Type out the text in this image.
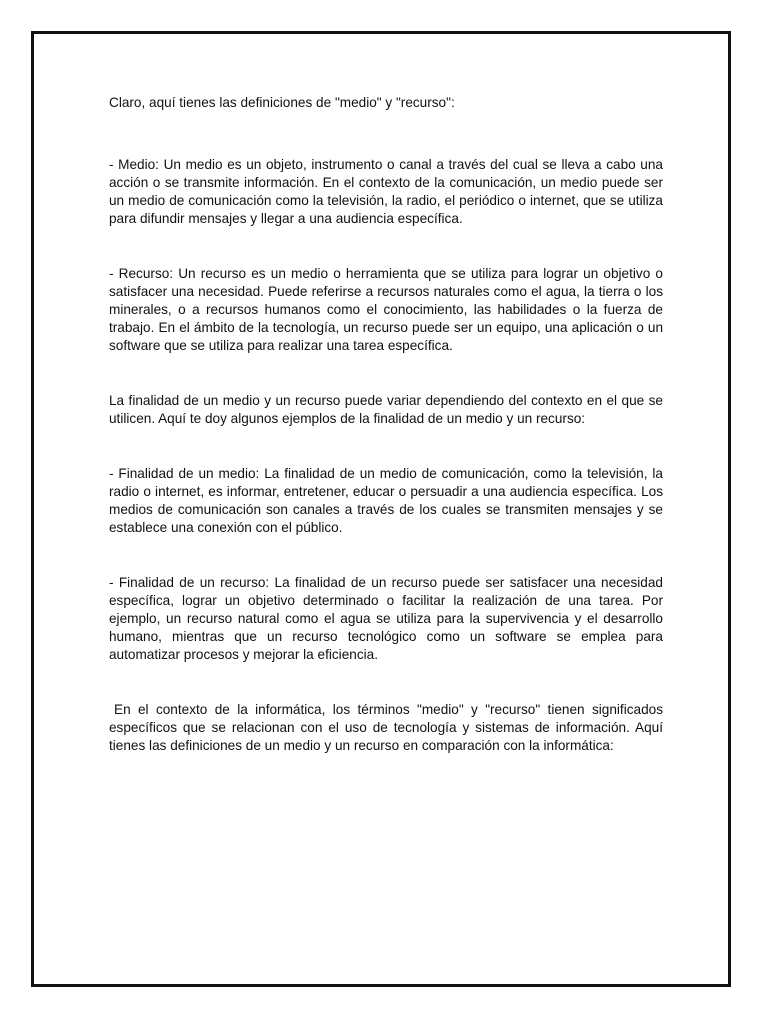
Claro, aquí tienes las definiciones de "medio" y "recurso":

- Medio: Un medio es un objeto, instrumento o canal a través del cual se lleva a cabo una acción o se transmite información. En el contexto de la comunicación, un medio puede ser un medio de comunicación como la televisión, la radio, el periódico o internet, que se utiliza para difundir mensajes y llegar a una audiencia específica.

- Recurso: Un recurso es un medio o herramienta que se utiliza para lograr un objetivo o satisfacer una necesidad. Puede referirse a recursos naturales como el agua, la tierra o los minerales, o a recursos humanos como el conocimiento, las habilidades o la fuerza de trabajo. En el ámbito de la tecnología, un recurso puede ser un equipo, una aplicación o un software que se utiliza para realizar una tarea específica.

La finalidad de un medio y un recurso puede variar dependiendo del contexto en el que se utilicen. Aquí te doy algunos ejemplos de la finalidad de un medio y un recurso:

- Finalidad de un medio: La finalidad de un medio de comunicación, como la televisión, la radio o internet, es informar, entretener, educar o persuadir a una audiencia específica. Los medios de comunicación son canales a través de los cuales se transmiten mensajes y se establece una conexión con el público.

- Finalidad de un recurso: La finalidad de un recurso puede ser satisfacer una necesidad específica, lograr un objetivo determinado o facilitar la realización de una tarea. Por ejemplo, un recurso natural como el agua se utiliza para la supervivencia y el desarrollo humano, mientras que un recurso tecnológico como un software se emplea para automatizar procesos y mejorar la eficiencia.

En el contexto de la informática, los términos "medio" y "recurso" tienen significados específicos que se relacionan con el uso de tecnología y sistemas de información. Aquí tienes las definiciones de un medio y un recurso en comparación con la informática:
